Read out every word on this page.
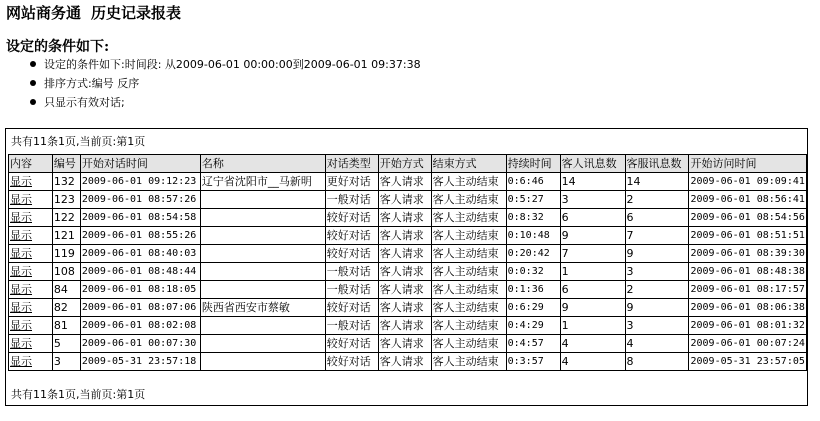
网站商务通 历史记录报表
设定的条件如下:
设定的条件如下:时间段: 从2009-06-01 00:00:00到2009-06-01 09:37:38
排序方式:编号 反序
只显示有效对话;
共有11条1页,当前页:第1页
内容	编号	开始对话时间	名称	对话类型	开始方式	结束方式	持续时间	客人讯息数	客服讯息数	开始访问时间
显示	132	2009-06-01 09:12:23	辽宁省沈阳市__马新明	更好对话	客人请求	客人主动结束	0:6:46	14	14	2009-06-01 09:09:41
显示	123	2009-06-01 08:57:26		一般对话	客人请求	客人主动结束	0:5:27	3	2	2009-06-01 08:56:41
显示	122	2009-06-01 08:54:58		较好对话	客人请求	客人主动结束	0:8:32	6	6	2009-06-01 08:54:56
显示	121	2009-06-01 08:55:26		较好对话	客人请求	客人主动结束	0:10:48	9	7	2009-06-01 08:51:51
显示	119	2009-06-01 08:40:03		较好对话	客人请求	客人主动结束	0:20:42	7	9	2009-06-01 08:39:30
显示	108	2009-06-01 08:48:44		一般对话	客人请求	客人主动结束	0:0:32	1	3	2009-06-01 08:48:38
显示	84	2009-06-01 08:18:05		一般对话	客人请求	客人主动结束	0:1:36	6	2	2009-06-01 08:17:57
显示	82	2009-06-01 08:07:06	陕西省西安市蔡敏	较好对话	客人请求	客人主动结束	0:6:29	9	9	2009-06-01 08:06:38
显示	81	2009-06-01 08:02:08		一般对话	客人请求	客人主动结束	0:4:29	1	3	2009-06-01 08:01:32
显示	5	2009-06-01 00:07:30		较好对话	客人请求	客人主动结束	0:4:57	4	4	2009-06-01 00:07:24
显示	3	2009-05-31 23:57:18		较好对话	客人请求	客人主动结束	0:3:57	4	8	2009-05-31 23:57:05
共有11条1页,当前页:第1页
